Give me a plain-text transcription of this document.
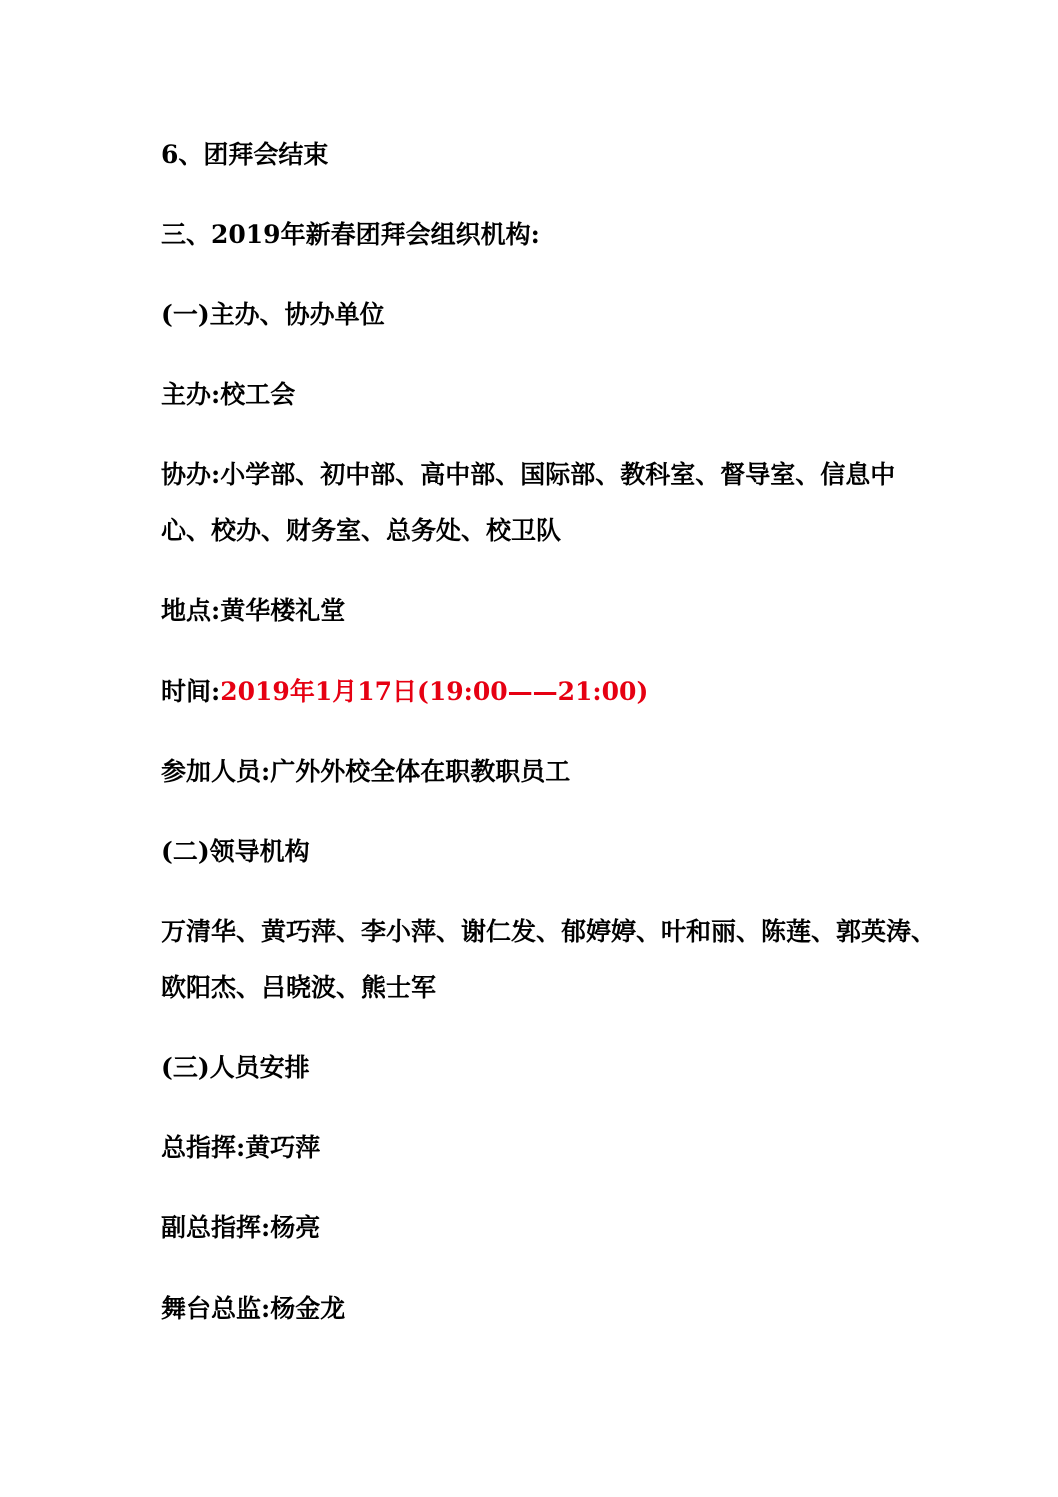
6、团拜会结束
三、2019年新春团拜会组织机构:
(一)主办、协办单位
主办:校工会
协办:小学部、初中部、高中部、国际部、教科室、督导室、信息中
心、校办、财务室、总务处、校卫队
地点:黄华楼礼堂
时间:2019年1月17日(19:00——21:00)
参加人员:广外外校全体在职教职员工
(二)领导机构
万清华、黄巧萍、李小萍、谢仁发、郁婷婷、叶和丽、陈莲、郭英涛、
欧阳杰、吕晓波、熊士军
(三)人员安排
总指挥:黄巧萍
副总指挥:杨亮
舞台总监:杨金龙
